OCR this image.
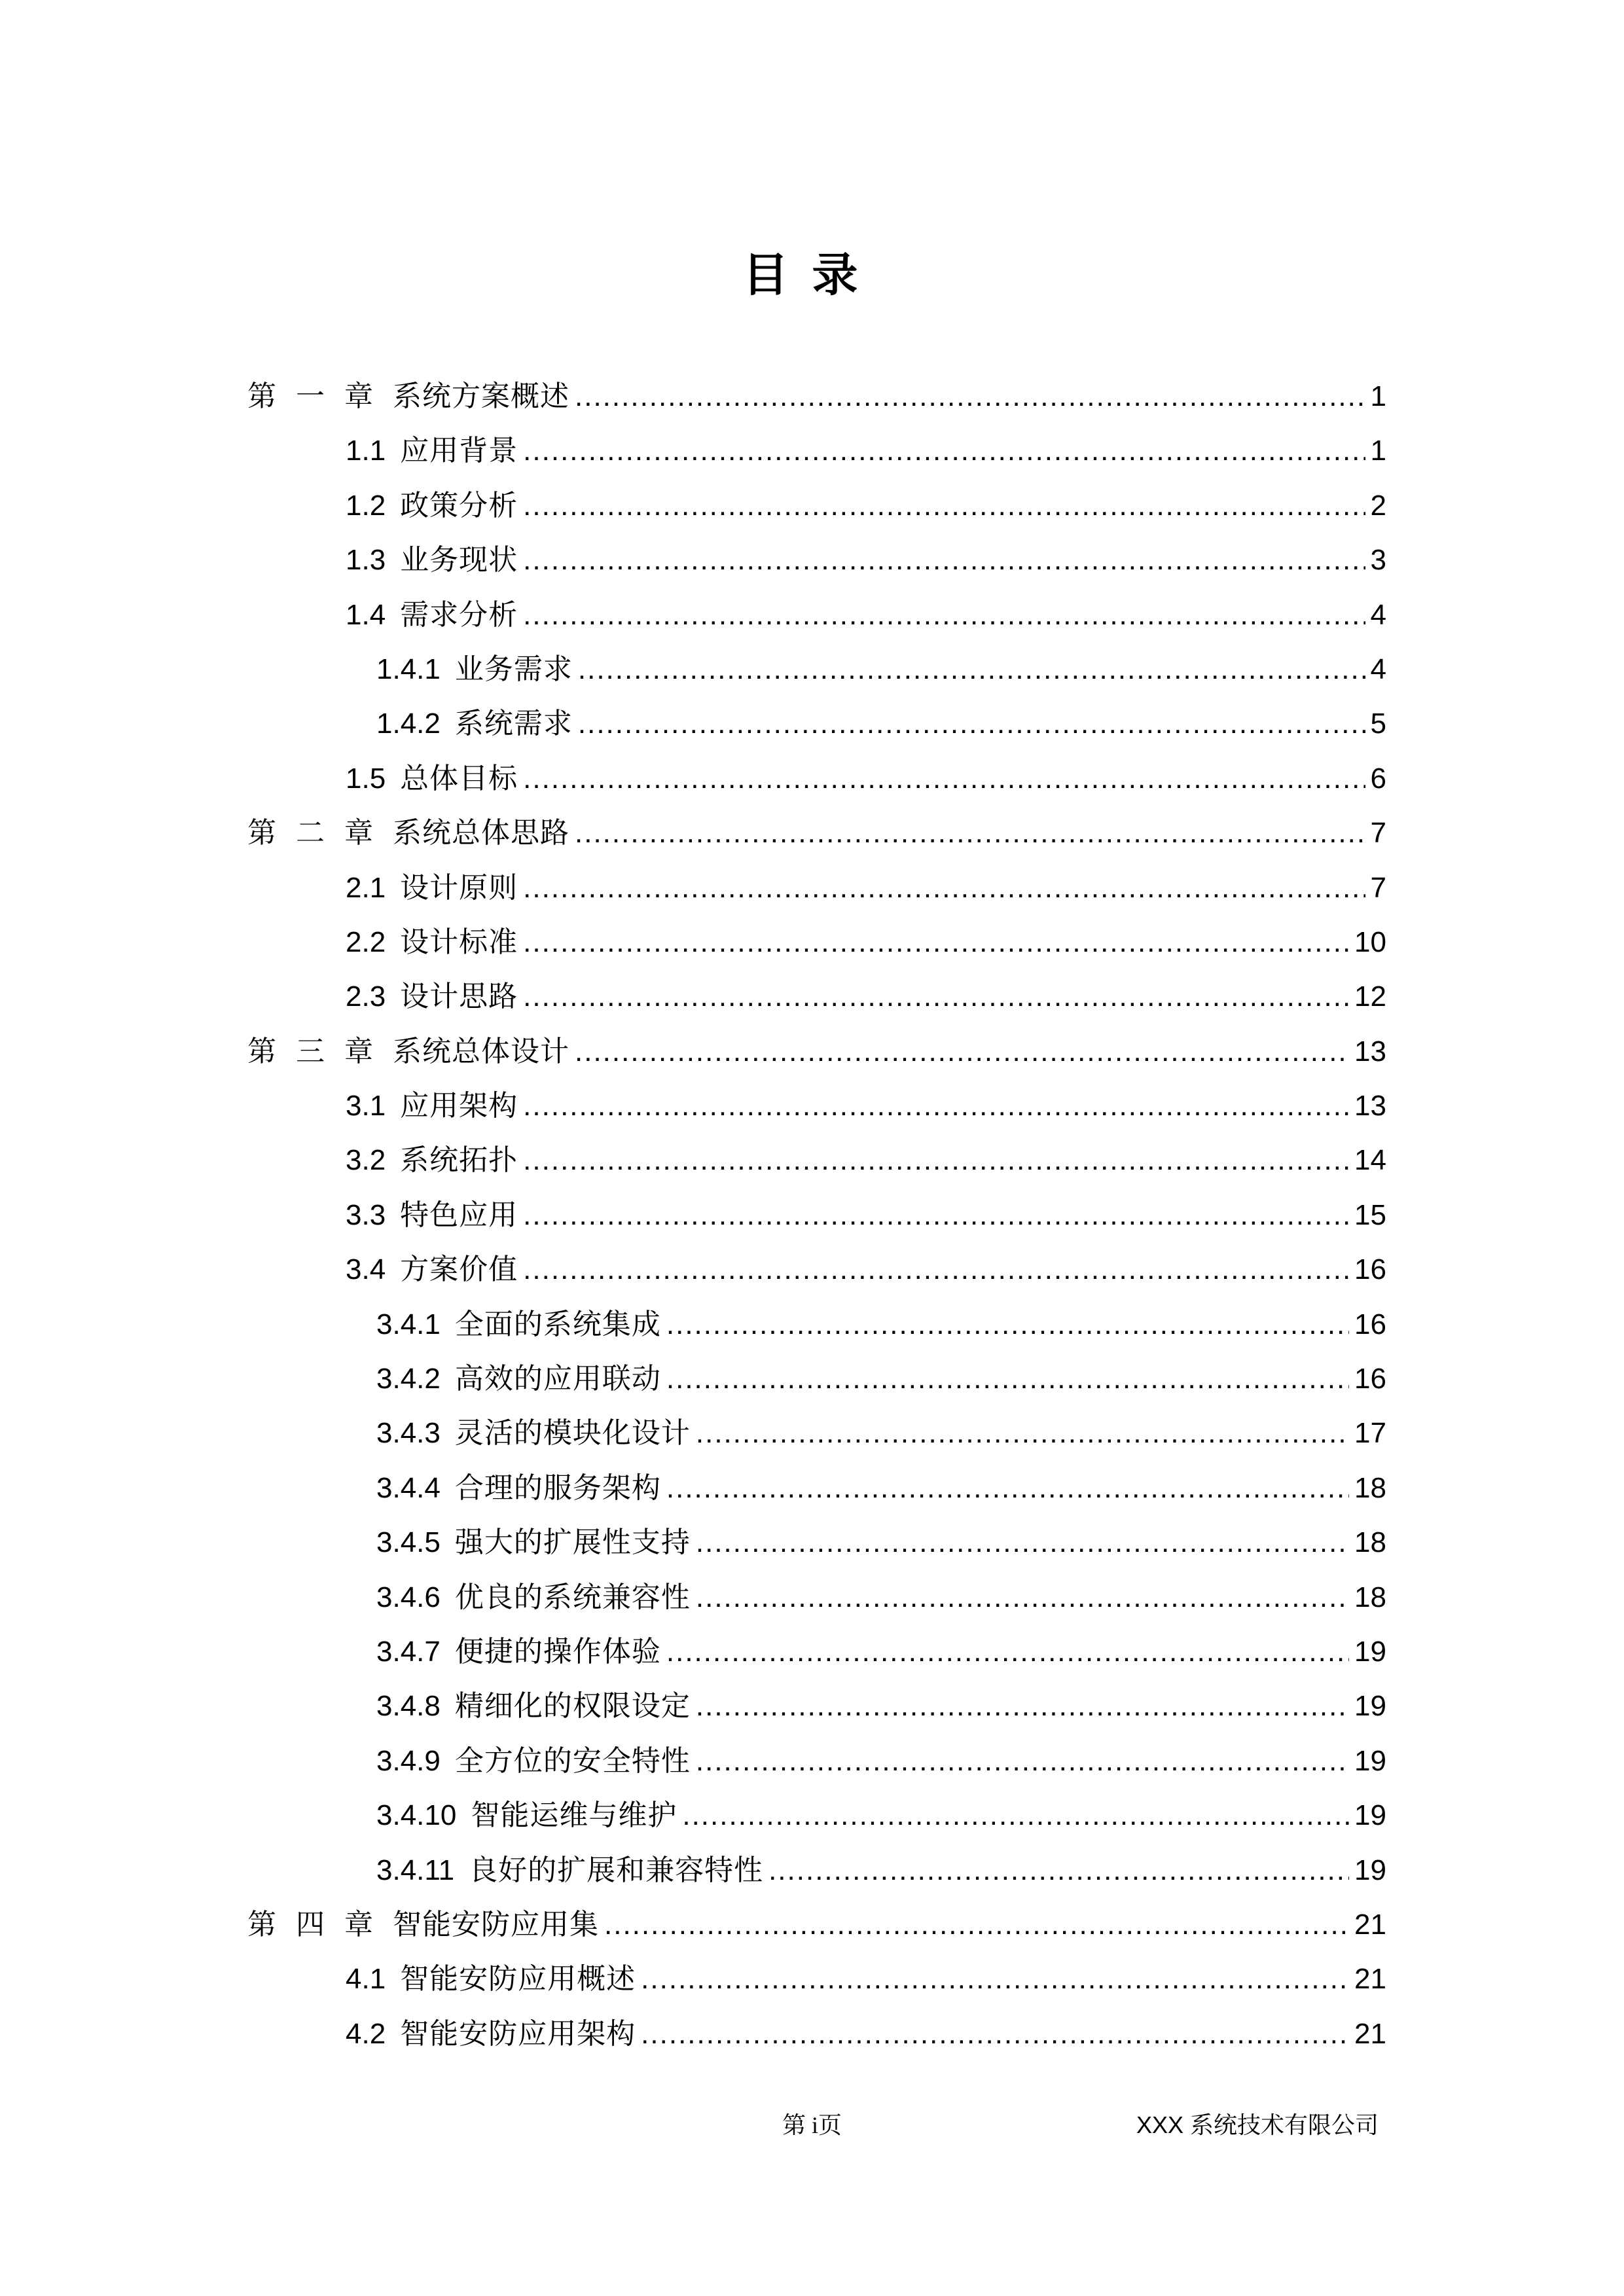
目录
第一章 系统方案概述 .....	1
1.1 应用背景 .....	1
1.2 政策分析 .....	2
1.3 业务现状 .....	3
1.4 需求分析 .....	4
1.4.1 业务需求 .....	4
1.4.2 系统需求 .....	5
1.5 总体目标 .....	6
第二章 系统总体思路 .....	7
2.1 设计原则 .....	7
2.2 设计标准 .....	10
2.3 设计思路 .....	12
第三章 系统总体设计 .....	13
3.1 应用架构 .....	13
3.2 系统拓扑 .....	14
3.3 特色应用 .....	15
3.4 方案价值 .....	16
3.4.1 全面的系统集成 .....	16
3.4.2 高效的应用联动 .....	16
3.4.3 灵活的模块化设计 .....	17
3.4.4 合理的服务架构 .....	18
3.4.5 强大的扩展性支持 .....	18
3.4.6 优良的系统兼容性 .....	18
3.4.7 便捷的操作体验 .....	19
3.4.8 精细化的权限设定 .....	19
3.4.9 全方位的安全特性 .....	19
3.4.10 智能运维与维护 .....	19
3.4.11 良好的扩展和兼容特性 .....	19
第四章 智能安防应用集 .....	21
4.1 智能安防应用概述 .....	21
4.2 智能安防应用架构 .....	21
第 i页	XXX 系统技术有限公司
